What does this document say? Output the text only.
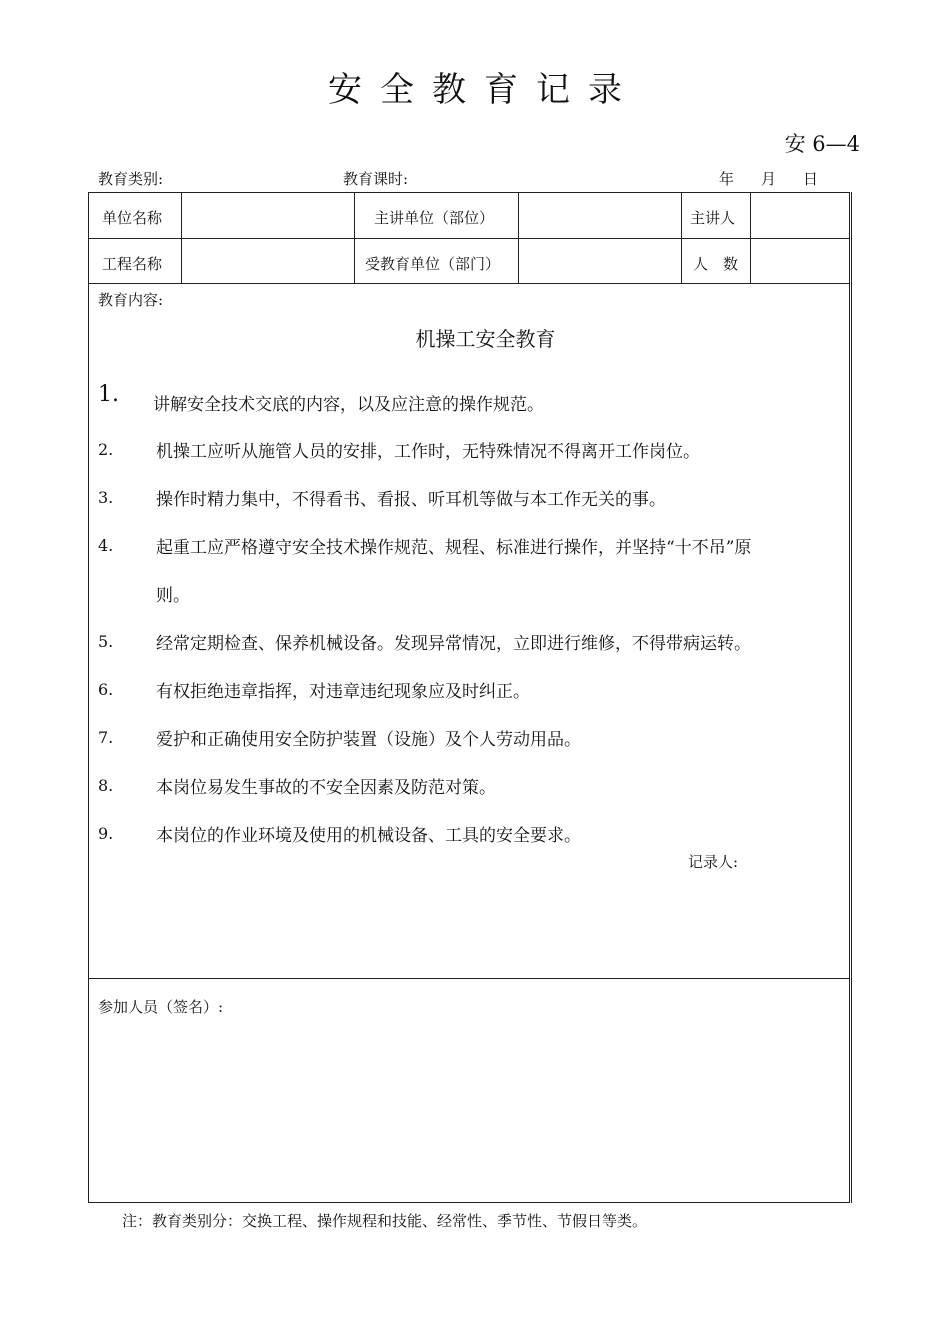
安 全 教 育 记 录
安 6—4
教育类别:	教育课时:	年 月 日
单位名称	主讲单位（部位）	主讲人
工程名称	受教育单位（部门）	人　数
教育内容:
机操工安全教育
1. 讲解安全技术交底的内容，以及应注意的操作规范。
2.	机操工应听从施管人员的安排，工作时，无特殊情况不得离开工作岗位。
3.	操作时精力集中，不得看书、看报、听耳机等做与本工作无关的事。
4.	起重工应严格遵守安全技术操作规范、规程、标准进行操作，并坚持“十不吊”原
则。
5.	经常定期检查、保养机械设备。发现异常情况，立即进行维修，不得带病运转。
6.	有权拒绝违章指挥，对违章违纪现象应及时纠正。
7.	爱护和正确使用安全防护装置（设施）及个人劳动用品。
8.	本岗位易发生事故的不安全因素及防范对策。
9.	本岗位的作业环境及使用的机械设备、工具的安全要求。
记录人:
参加人员（签名）:
注：教育类别分：交换工程、操作规程和技能、经常性、季节性、节假日等类。
